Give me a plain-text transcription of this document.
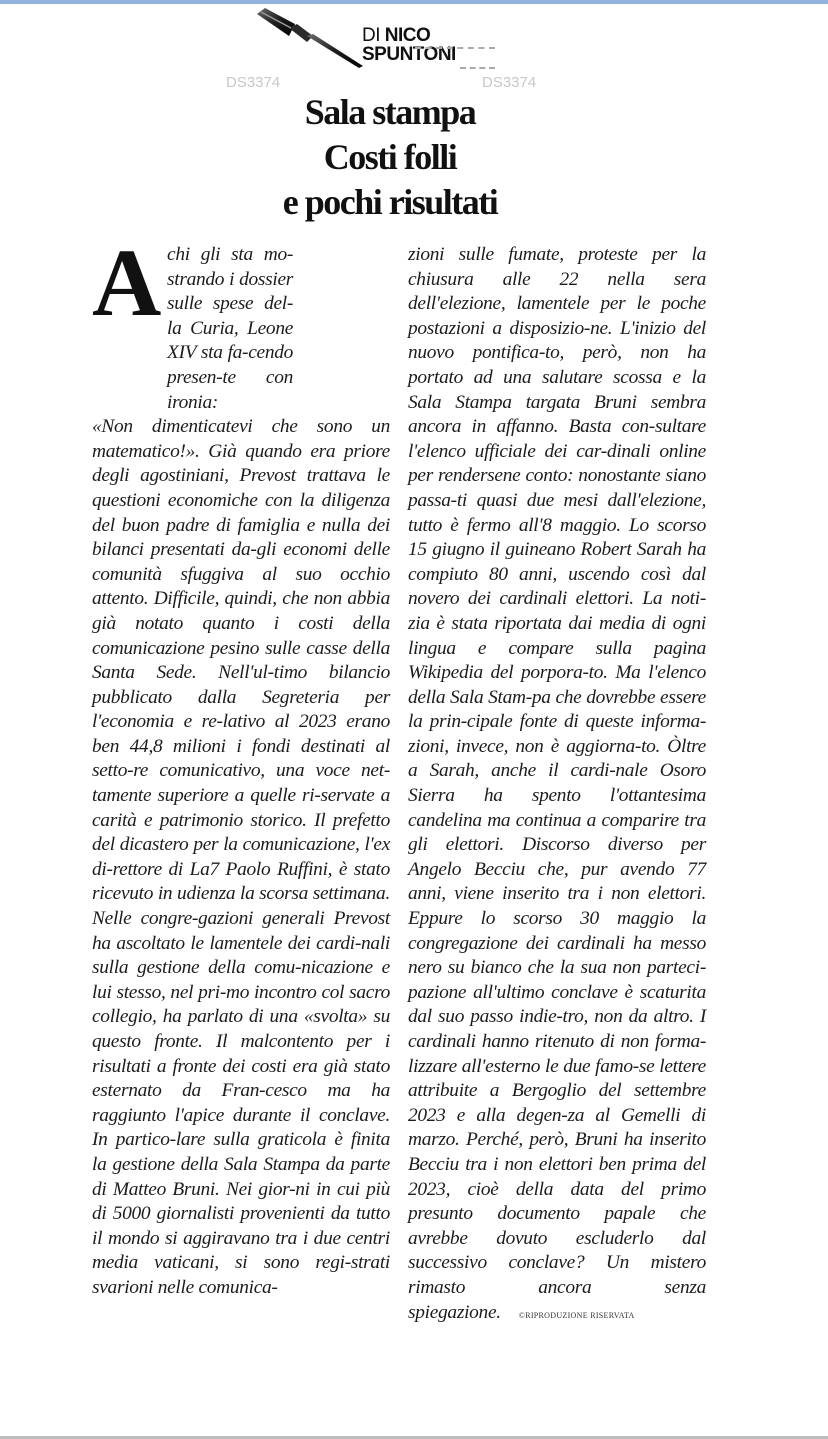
DI NICO
SPUNTONI
DS3374	DS3374
Sala stampa
Costi folli
e pochi risultati
A chi gli sta mo-strando i dossier sulle spese del-la Curia, Leone XIV sta fa-cendo presen-te con ironia:
«Non dimenticatevi che sono un matematico!». Già quando era priore degli agostiniani, Prevost trattava le questioni economiche con la diligenza del buon padre di famiglia e nulla dei bilanci presentati da-gli economi delle comunità sfuggiva al suo occhio attento. Difficile, quindi, che non abbia già notato quanto i costi della comunicazione pesino sulle casse della Santa Sede. Nell'ul-timo bilancio pubblicato dalla Segreteria per l'economia e re-lativo al 2023 erano ben 44,8 milioni i fondi destinati al setto-re comunicativo, una voce net-tamente superiore a quelle ri-servate a carità e patrimonio storico. Il prefetto del dicastero per la comunicazione, l'ex di-rettore di La7 Paolo Ruffini, è stato ricevuto in udienza la scorsa settimana. Nelle congre-gazioni generali Prevost ha ascoltato le lamentele dei cardi-nali sulla gestione della comu-nicazione e lui stesso, nel pri-mo incontro col sacro collegio, ha parlato di una «svolta» su questo fronte. Il malcontento per i risultati a fronte dei costi era già stato esternato da Fran-cesco ma ha raggiunto l'apice durante il conclave. In partico-lare sulla graticola è finita la gestione della Sala Stampa da parte di Matteo Bruni. Nei gior-ni in cui più di 5000 giornalisti provenienti da tutto il mondo si aggiravano tra i due centri media vaticani, si sono regi-strati svarioni nelle comunica-
zioni sulle fumate, proteste per la chiusura alle 22 nella sera dell'elezione, lamentele per le poche postazioni a disposizio-ne. L'inizio del nuovo pontifica-to, però, non ha portato ad una salutare scossa e la Sala Stampa targata Bruni sembra ancora in affanno. Basta con-sultare l'elenco ufficiale dei car-dinali online per rendersene conto: nonostante siano passa-ti quasi due mesi dall'elezione, tutto è fermo all'8 maggio. Lo scorso 15 giugno il guineano Robert Sarah ha compiuto 80 anni, uscendo così dal novero dei cardinali elettori. La noti-zia è stata riportata dai media di ogni lingua e compare sulla pagina Wikipedia del porpora-to. Ma l'elenco della Sala Stam-pa che dovrebbe essere la prin-cipale fonte di queste informa-zioni, invece, non è aggiorna-to. Òltre a Sarah, anche il cardi-nale Osoro Sierra ha spento l'ottantesima candelina ma continua a comparire tra gli elettori. Discorso diverso per Angelo Becciu che, pur avendo 77 anni, viene inserito tra i non elettori. Eppure lo scorso 30 maggio la congregazione dei cardinali ha messo nero su bianco che la sua non parteci-pazione all'ultimo conclave è scaturita dal suo passo indie-tro, non da altro. I cardinali hanno ritenuto di non forma-lizzare all'esterno le due famo-se lettere attribuite a Bergoglio del settembre 2023 e alla degen-za al Gemelli di marzo. Perché, però, Bruni ha inserito Becciu tra i non elettori ben prima del 2023, cioè della data del primo presunto documento papale che avrebbe dovuto escluderlo dal successivo conclave? Un mistero rimasto ancora senza spiegazione. ©RIPRODUZIONE RISERVATA
